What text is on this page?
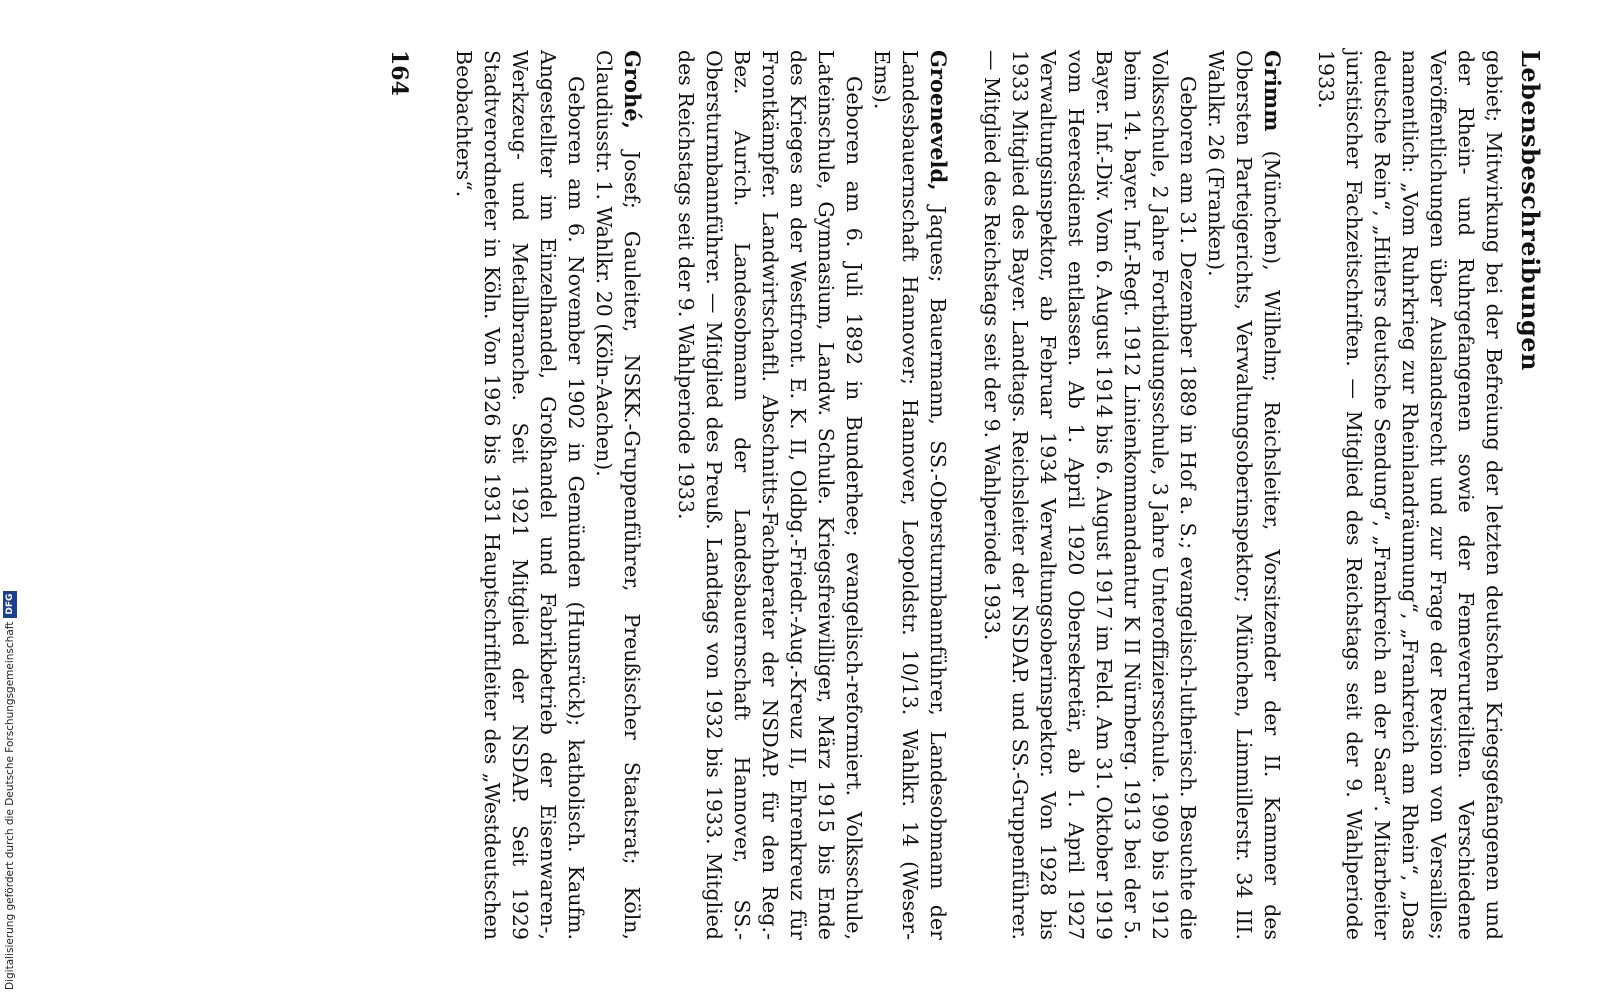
Lebensbeschreibungen

gebiet; Mitwirkung bei der Befreiung der letzten deutschen Kriegsgefangenen und der Rhein- und Ruhrgefangenen sowie der Femeverurteilten. Verschiedene Veröffentlichungen über Auslandsrecht und zur Frage der Revision von Versailles; namentlich: „Vom Ruhrkrieg zur Rheinlandräumung“, „Frankreich am Rhein“, „Das deutsche Rein“, „Hitlers deutsche Sendung“, „Frankreich an der Saar“. Mitarbeiter juristischer Fachzeitschriften. — Mitglied des Reichstags seit der 9. Wahlperiode 1933.

Grimm (München), Wilhelm; Reichsleiter, Vorsitzender der II. Kammer des Obersten Parteigerichts, Verwaltungsoberinspektor; München, Limmillerstr. 34 III. Wahlkr. 26 (Franken).

Geboren am 31. Dezember 1889 in Hof a. S.; evangelisch-lutherisch. Besuchte die Volksschule, 2 Jahre Fortbildungsschule, 3 Jahre Unteroffiziersschule. 1909 bis 1912 beim 14. bayer. Inf.-Regt. 1912 Linienkommandantur K II Nürnberg. 1913 bei der 5. Bayer. Inf.-Div. Vom 6. August 1914 bis 6. August 1917 im Feld. Am 31. Oktober 1919 vom Heeresdienst entlassen. Ab 1. April 1920 Obersekretär, ab 1. April 1927 Verwaltungsinspektor, ab Februar 1934 Verwaltungsoberinspektor. Von 1928 bis 1933 Mitglied des Bayer. Landtags. Reichsleiter der NSDAP. und SS.-Gruppenführer. — Mitglied des Reichstags seit der 9. Wahlperiode 1933.

Groeneveld, Jaques; Bauermann, SS.-Obersturmbannführer, Landesobmann der Landesbauernschaft Hannover; Hannover, Leopoldstr. 10/13. Wahlkr. 14 (Weser-Ems).

Geboren am 6. Juli 1892 in Bunderhee; evangelisch-reformiert. Volksschule, Lateinschule, Gymnasium, Landw. Schule. Kriegsfreiwilliger, März 1915 bis Ende des Krieges an der Westfront. E. K. II, Oldbg.-Friedr.-Aug.-Kreuz II, Ehrenkreuz für Frontkämpfer. Landwirtschaftl. Abschnitts-Fachberater der NSDAP. für den Reg.-Bez. Aurich. Landesobmann der Landesbauernschaft Hannover, SS.-Obersturmbannführer. — Mitglied des Preuß. Landtags von 1932 bis 1933. Mitglied des Reichstags seit der 9. Wahlperiode 1933.

Grohé, Josef; Gauleiter, NSKK.-Gruppenführer, Preußischer Staatsrat; Köln, Claudiusstr. 1. Wahlkr. 20 (Köln-Aachen).

Geboren am 6. November 1902 in Gemünden (Hunsrück); katholisch. Kaufm. Angestellter im Einzelhandel, Großhandel und Fabrikbetrieb der Eisenwaren-, Werkzeug- und Metallbranche. Seit 1921 Mitglied der NSDAP. Seit 1929 Stadtverordneter in Köln. Von 1926 bis 1931 Hauptschriftleiter des „Westdeutschen Beobachters“.

164
Digitalisierung gefördert durch die Deutsche Forschungsgemeinschaft
DFG
